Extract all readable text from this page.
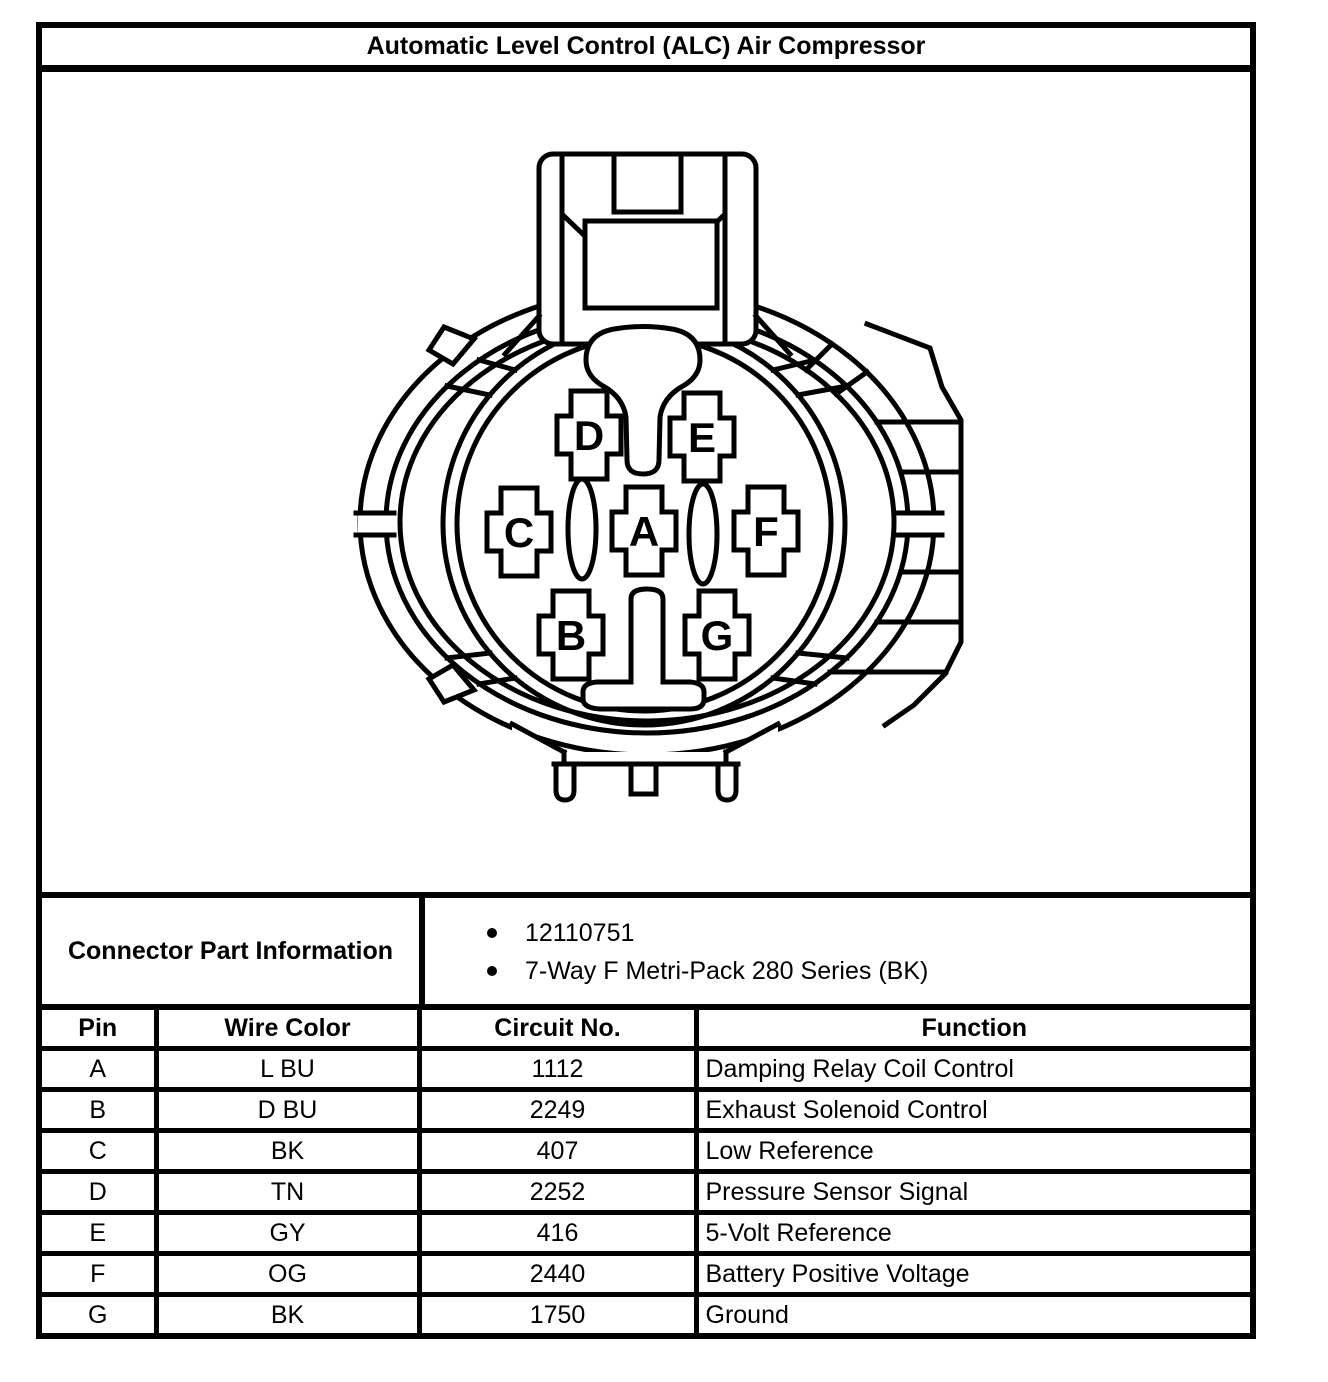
Automatic Level Control (ALC) Air Compressor
A
B
C
D E
F
G
Connector Part Information
12110751
7-Way F Metri-Pack 280 Series (BK)
Pin	Wire Color	Circuit No.	Function
A	L BU	1112	Damping Relay Coil Control
B	D BU	2249	Exhaust Solenoid Control
C	BK	407	Low Reference
D	TN	2252	Pressure Sensor Signal
E	GY	416	5-Volt Reference
F	OG	2440	Battery Positive Voltage
G	BK	1750	Ground
